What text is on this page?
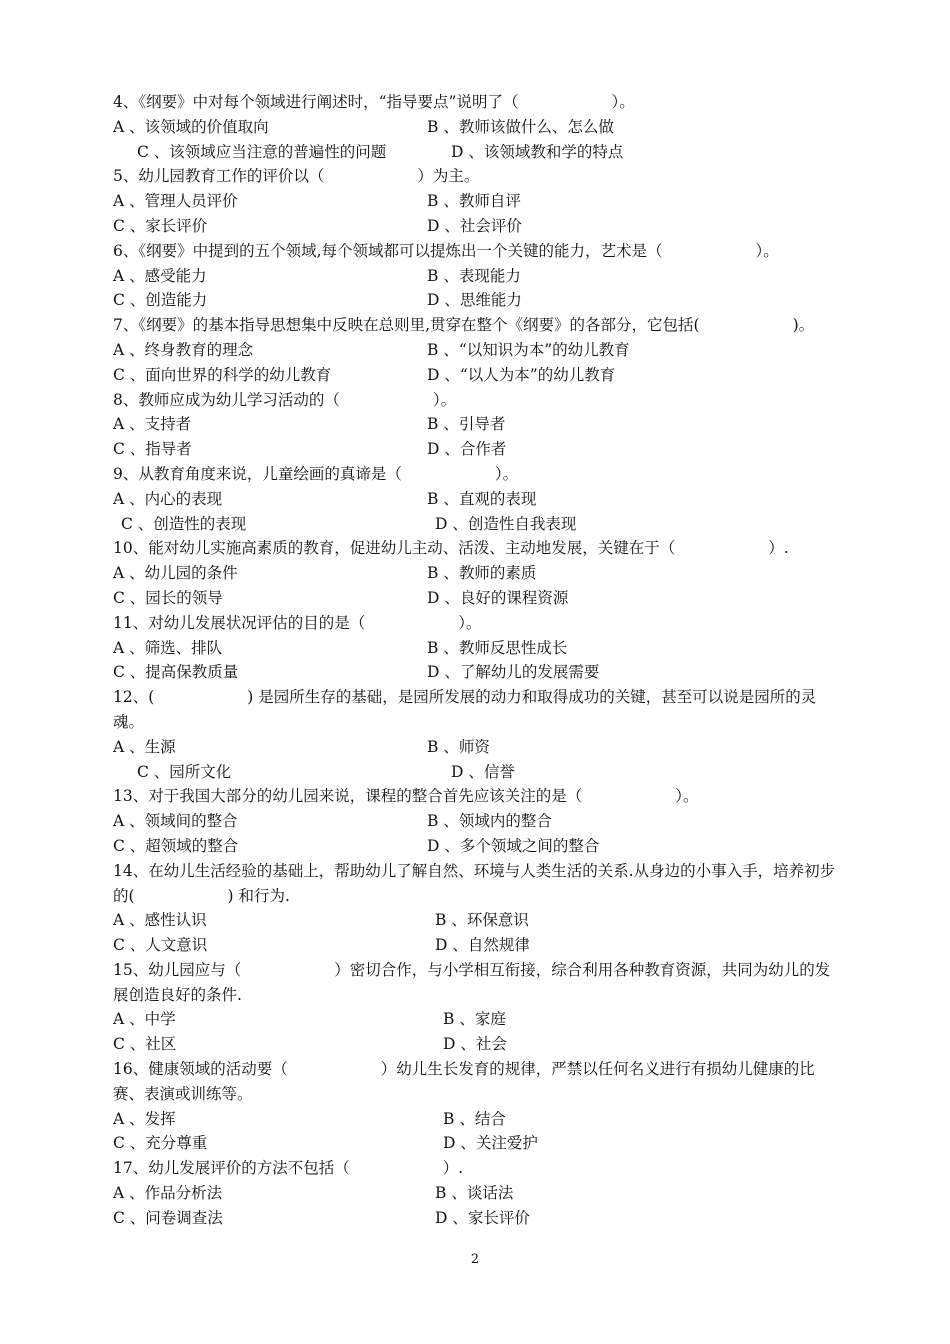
4、《纲要》中对每个领域进行阐述时，“指导要点”说明了（　　　　　　）。

A 、该领域的价值取向	B 、教师该做什么、怎么做
C 、该领域应当注意的普遍性的问题	D 、该领域教和学的特点

5、幼儿园教育工作的评价以（　　　　　　）为主。

A 、管理人员评价	B 、教师自评
C 、家长评价	D 、社会评价

6、《纲要》中提到的五个领域,每个领域都可以提炼出一个关键的能力，艺术是（　　　　　　）。

A 、感受能力	B 、表现能力
C 、创造能力	D 、思维能力

7、《纲要》的基本指导思想集中反映在总则里,贯穿在整个《纲要》的各部分，它包括(　　　　　　)。

A 、终身教育的理念	B 、“以知识为本”的幼儿教育
C 、面向世界的科学的幼儿教育	D 、“以人为本”的幼儿教育

8、教师应成为幼儿学习活动的（　　　　　　）。

A 、支持者	B 、引导者
C 、指导者	D 、合作者

9、从教育角度来说，儿童绘画的真谛是（　　　　　　）。

A 、内心的表现	B 、直观的表现
C 、创造性的表现	D 、创造性自我表现

10、能对幼儿实施高素质的教育，促进幼儿主动、活泼、主动地发展，关键在于（　　　　　　）.

A 、幼儿园的条件	B 、教师的素质
C 、园长的领导	D 、良好的课程资源

11、对幼儿发展状况评估的目的是（　　　　　　）。

A 、筛选、排队	B 、教师反思性成长
C 、提高保教质量	D 、了解幼儿的发展需要

12、(　　　　　　) 是园所生存的基础，是园所发展的动力和取得成功的关键，甚至可以说是园所的灵魂。

A 、生源	B 、师资
C 、园所文化	D 、信誉

13、对于我国大部分的幼儿园来说，课程的整合首先应该关注的是（　　　　　　）。

A 、领域间的整合	B 、领域内的整合
C 、超领域的整合	D 、多个领域之间的整合

14、在幼儿生活经验的基础上，帮助幼儿了解自然、环境与人类生活的关系.从身边的小事入手，培养初步的(　　　　　　) 和行为.

A 、感性认识	B 、环保意识
C 、人文意识	D 、自然规律

15、幼儿园应与（　　　　　　）密切合作，与小学相互衔接，综合利用各种教育资源，共同为幼儿的发展创造良好的条件.

A 、中学	B 、家庭
C 、社区	D 、社会

16、健康领域的活动要（　　　　　　）幼儿生长发育的规律，严禁以任何名义进行有损幼儿健康的比赛、表演或训练等。

A 、发挥	B 、结合
C 、充分尊重	D 、关注爱护

17、幼儿发展评价的方法不包括（　　　　　　）.

A 、作品分析法	B 、谈话法
C 、问卷调查法	D 、家长评价
2
